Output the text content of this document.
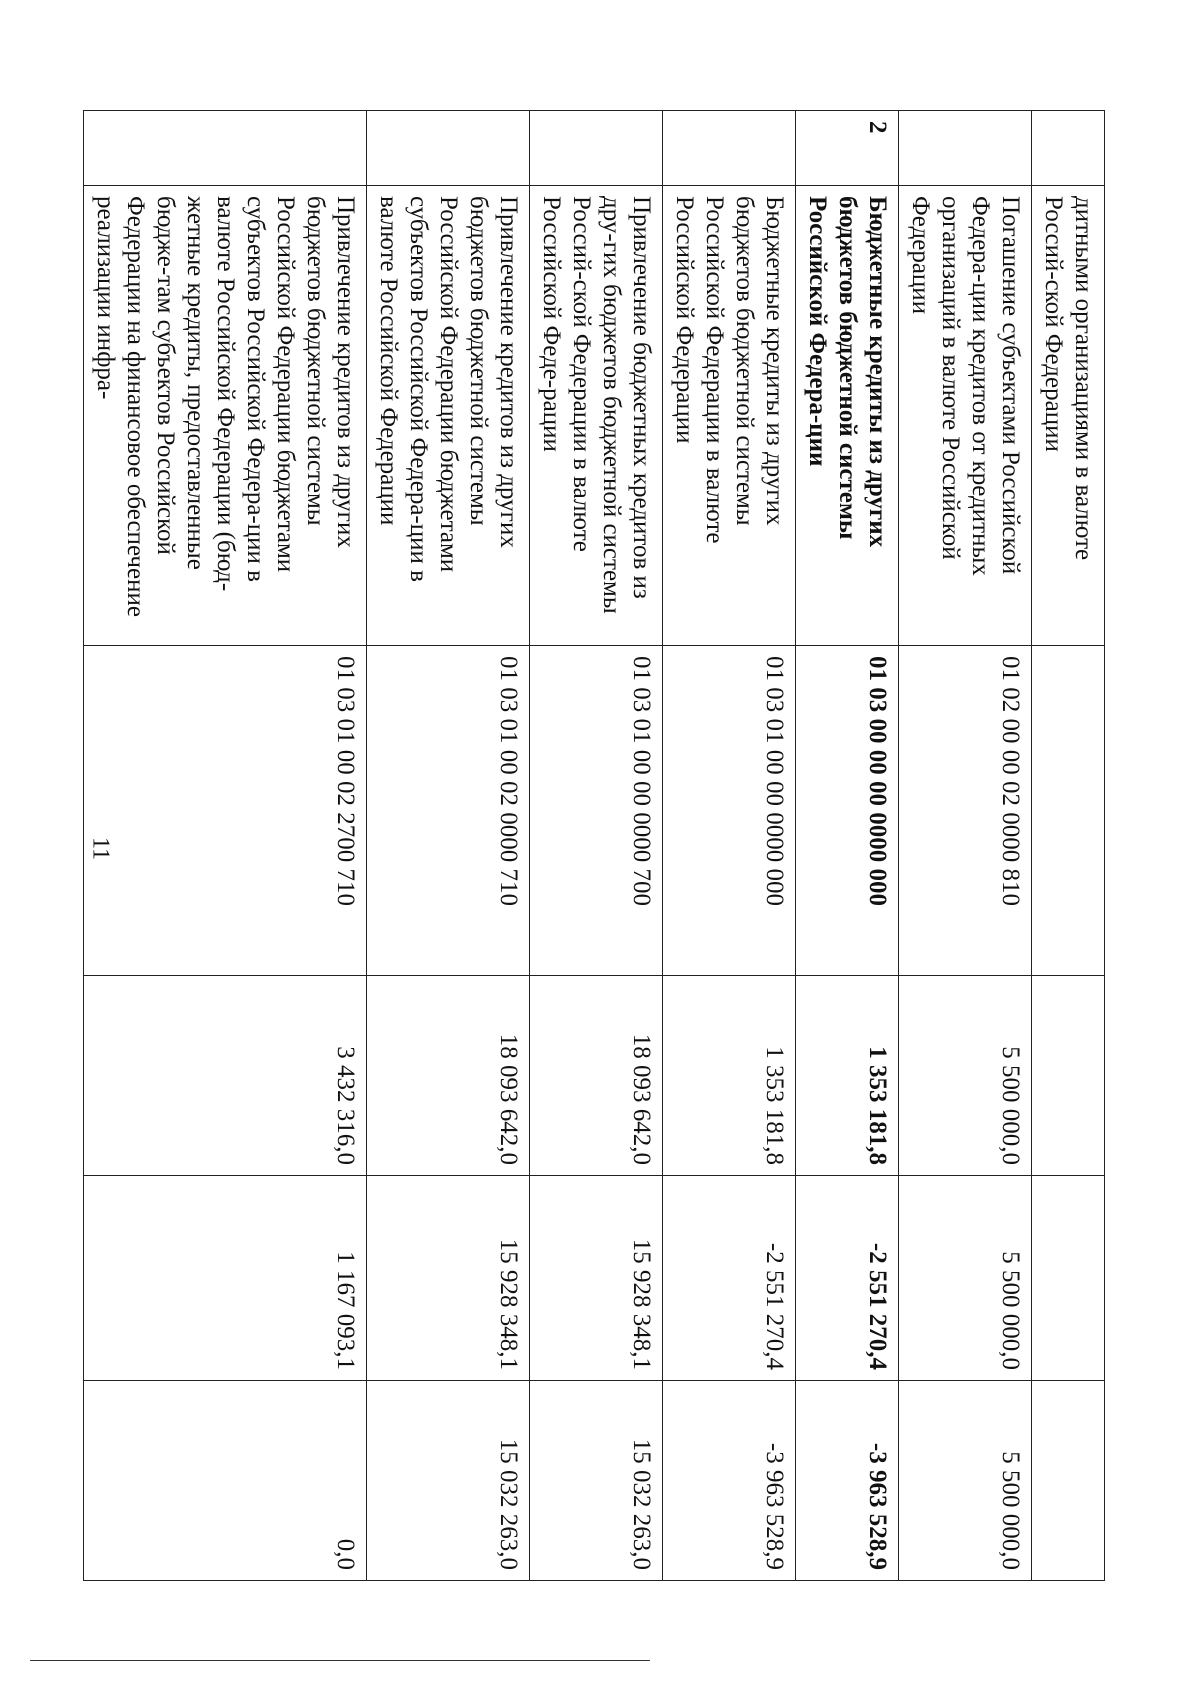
11
	дитными организациями в валюте Россий-ской Федерации				
	Погашение субъектами Российской Федера-ции кредитов от кредитных организаций в валюте Российской Федерации	01 02 00 00 02 0000 810	5 500 000,0	5 500 000,0	5 500 000,0
2	Бюджетные кредиты из других бюджетов бюджетной системы Российской Федера-ции	01 03 00 00 00 0000 000	1 353 181,8	-2 551 270,4	-3 963 528,9
	Бюджетные кредиты из других бюджетов бюджетной системы Российской Федерации в валюте Российской Федерации	01 03 01 00 00 0000 000	1 353 181,8	-2 551 270,4	-3 963 528,9
	Привлечение бюджетных кредитов из дру-гих бюджетов бюджетной системы Россий-ской Федерации в валюте Российской Феде-рации	01 03 01 00 00 0000 700	18 093 642,0	15 928 348,1	15 032 263,0
	Привлечение кредитов из других бюджетов бюджетной системы Российской Федерации бюджетами субъектов Российской Федера-ции в валюте Российской Федерации	01 03 01 00 02 0000 710	18 093 642,0	15 928 348,1	15 032 263,0
	Привлечение кредитов из других бюджетов бюджетной системы Российской Федерации бюджетами субъектов Российской Федера-ции в валюте Российской Федерации (бюд-жетные кредиты, предоставленные бюдже-там субъектов Российской Федерации на финансовое обеспечение реализации инфра-	01 03 01 00 02 2700 710	3 432 316,0	1 167 093,1	0,0
